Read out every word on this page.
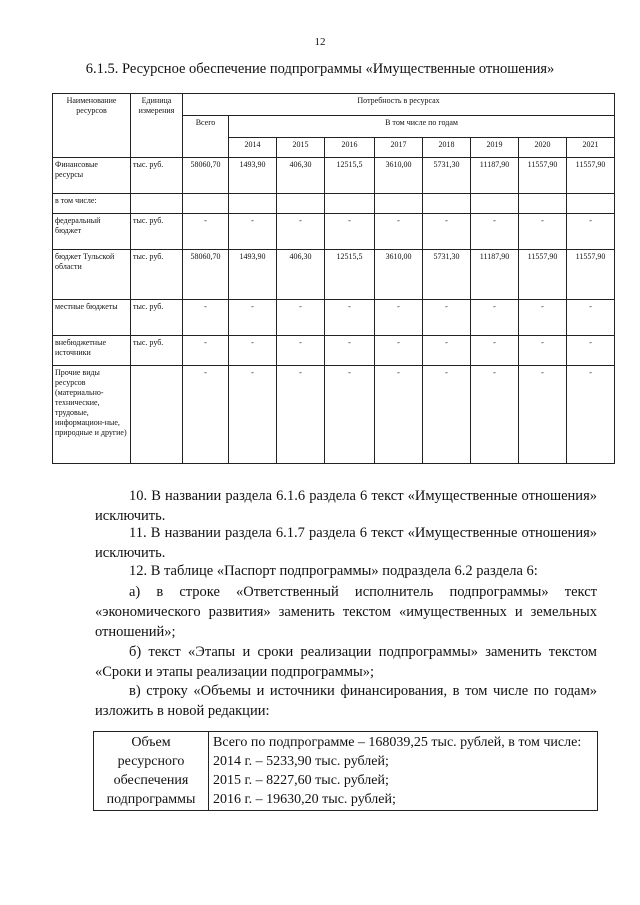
12
6.1.5. Ресурсное обеспечение подпрограммы «Имущественные отношения»
Наименование ресурсов	Единица измерения	Потребность в ресурсах								
		Всего	В том числе по годам							
			2014	2015	2016	2017	2018	2019	2020	2021
Финансовые ресурсы	тыс. руб.	58060,70	1493,90	406,30	12515,5	3610,00	5731,30	11187,90	11557,90	11557,90
в том числе:										
федеральный бюджет	тыс. руб.	-	-	-	-	-	-	-	-	-
бюджет Тульской области	тыс. руб.	58060,70	1493,90	406,30	12515,5	3610,00	5731,30	11187,90	11557,90	11557,90
местные бюджеты	тыс. руб.	-	-	-	-	-	-	-	-	-
внебюджетные источники	тыс. руб.	-	-	-	-	-	-	-	-	-
Прочие виды ресурсов (материально-технические, трудовые, информацион-ные, природные и другие)		-	-	-	-	-	-	-	-	-
10. В названии раздела 6.1.6 раздела 6 текст «Имущественные отношения» исключить.
11. В названии раздела 6.1.7 раздела 6 текст «Имущественные отношения» исключить.
12. В таблице «Паспорт подпрограммы» подраздела 6.2 раздела 6:
а) в строке «Ответственный исполнитель подпрограммы» текст «экономического развития» заменить текстом «имущественных и земельных отношений»;
б) текст «Этапы и сроки реализации подпрограммы» заменить текстом «Сроки и этапы реализации подпрограммы»;
в) строку «Объемы и источники финансирования, в том числе по годам» изложить в новой редакции:
Объем ресурсного обеспечения подпрограммы	
Всего по подпрограмме – 168039,25 тыс. рублей, в том числе:
2014 г. – 5233,90 тыс. рублей;
2015 г. – 8227,60 тыс. рублей;
2016 г. – 19630,20 тыс. рублей;
